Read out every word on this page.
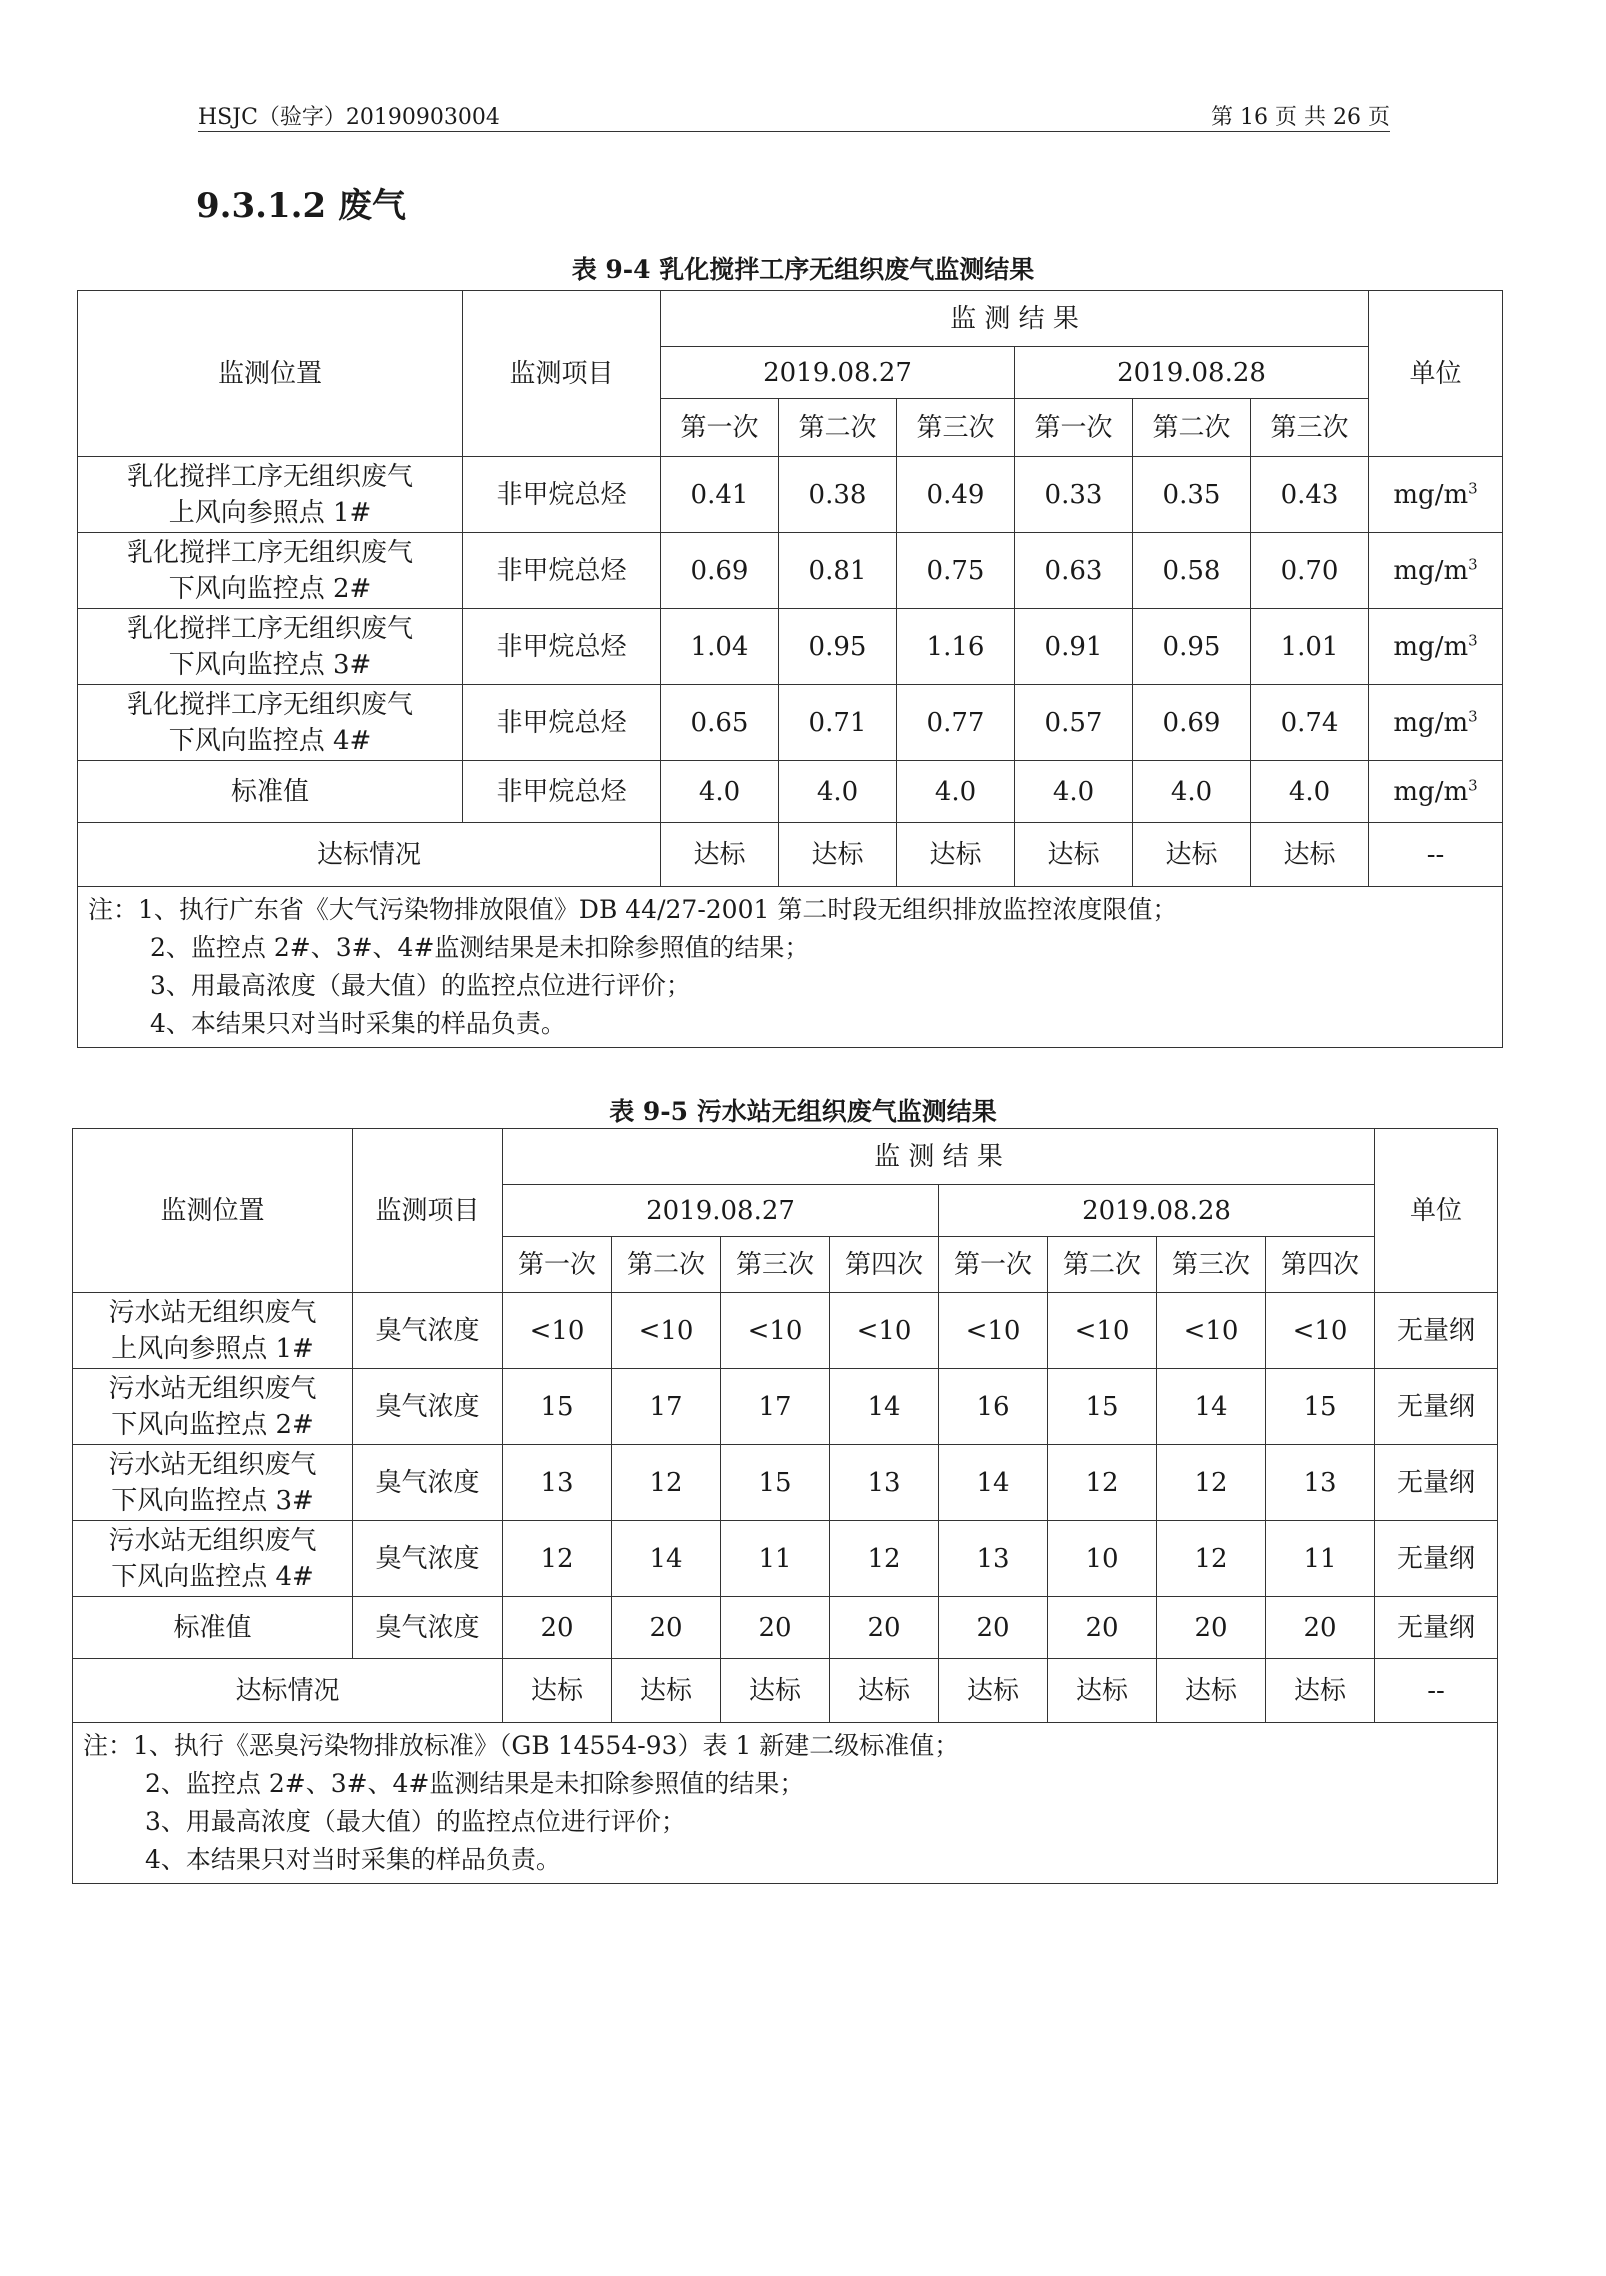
HSJC（验字）20190903004	第 16 页 共 26 页
9.3.1.2 废气
表 9-4 乳化搅拌工序无组织废气监测结果
监测位置	监测项目	监 测 结 果						单位
		2019.08.27			2019.08.28			
		第一次	第二次	第三次	第一次	第二次	第三次	

乳化搅拌工序无组织废气
上风向参照点 1#	非甲烷总烃	0.41	0.38	0.49	0.33	0.35	0.43	$mg/m^3$

乳化搅拌工序无组织废气
下风向监控点 2#	非甲烷总烃	0.69	0.81	0.75	0.63	0.58	0.70	$mg/m^3$

乳化搅拌工序无组织废气
下风向监控点 3#	非甲烷总烃	1.04	0.95	1.16	0.91	0.95	1.01	$mg/m^3$

乳化搅拌工序无组织废气
下风向监控点 4#	非甲烷总烃	0.65	0.71	0.77	0.57	0.69	0.74	$mg/m^3$
标准值	非甲烷总烃	4.0	4.0	4.0	4.0	4.0	4.0	$mg/m^3$
达标情况		达标	达标	达标	达标	达标	达标	--

注：1、执行广东省《大气污染物排放限值》DB 44/27-2001 第二时段无组织排放监控浓度限值；
2、监控点 2#、3#、4#监测结果是未扣除参照值的结果；
3、用最高浓度（最大值）的监控点位进行评价；
4、本结果只对当时采集的样品负责。								
表 9-5 污水站无组织废气监测结果
监测位置	监测项目	监 测 结 果								单位
		2019.08.27				2019.08.28				
		第一次	第二次	第三次	第四次	第一次	第二次	第三次	第四次	

污水站无组织废气
上风向参照点 1#	臭气浓度	<10	<10	<10	<10	<10	<10	<10	<10	无量纲

污水站无组织废气
下风向监控点 2#	臭气浓度	15	17	17	14	16	15	14	15	无量纲

污水站无组织废气
下风向监控点 3#	臭气浓度	13	12	15	13	14	12	12	13	无量纲

污水站无组织废气
下风向监控点 4#	臭气浓度	12	14	11	12	13	10	12	11	无量纲
标准值	臭气浓度	20	20	20	20	20	20	20	20	无量纲
达标情况		达标	达标	达标	达标	达标	达标	达标	达标	--

注：1、执行《恶臭污染物排放标准》（GB 14554-93）表 1 新建二级标准值；
2、监控点 2#、3#、4#监测结果是未扣除参照值的结果；
3、用最高浓度（最大值）的监控点位进行评价；
4、本结果只对当时采集的样品负责。										
